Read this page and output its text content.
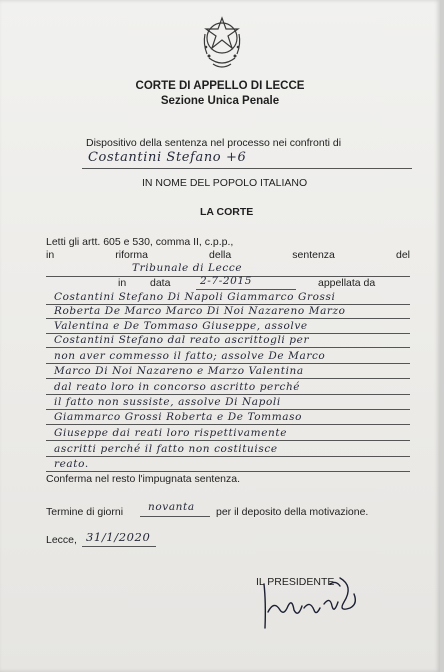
CORTE DI APPELLO DI LECCE
Sezione Unica Penale
Dispositivo della sentenza nel processo nei confronti di
Costantini Stefano +6
IN NOME DEL POPOLO ITALIANO
LA CORTE
Letti gli artt. 605 e 530, comma II, c.p.p.,
in	riforma	della	sentenza	del
Tribunale di Lecce
in data	2-7-2015	appellata da
Costantini Stefano Di Napoli Giammarco Grossi
Roberta De Marco Marco Di Noi Nazareno Marzo
Valentina e De Tommaso Giuseppe, assolve
Costantini Stefano dal reato ascrittogli per
non aver commesso il fatto; assolve De Marco
Marco Di Noi Nazareno e Marzo Valentina
dal reato loro in concorso ascritto perché
il fatto non sussiste, assolve Di Napoli
Giammarco Grossi Roberta e De Tommaso
Giuseppe dai reati loro rispettivamente
ascritti perché il fatto non costituisce
reato.
Conferma nel resto l'impugnata sentenza.
Termine di giorni novanta per il deposito della motivazione.
Lecce, 31/1/2020
IL PRESIDENTE
